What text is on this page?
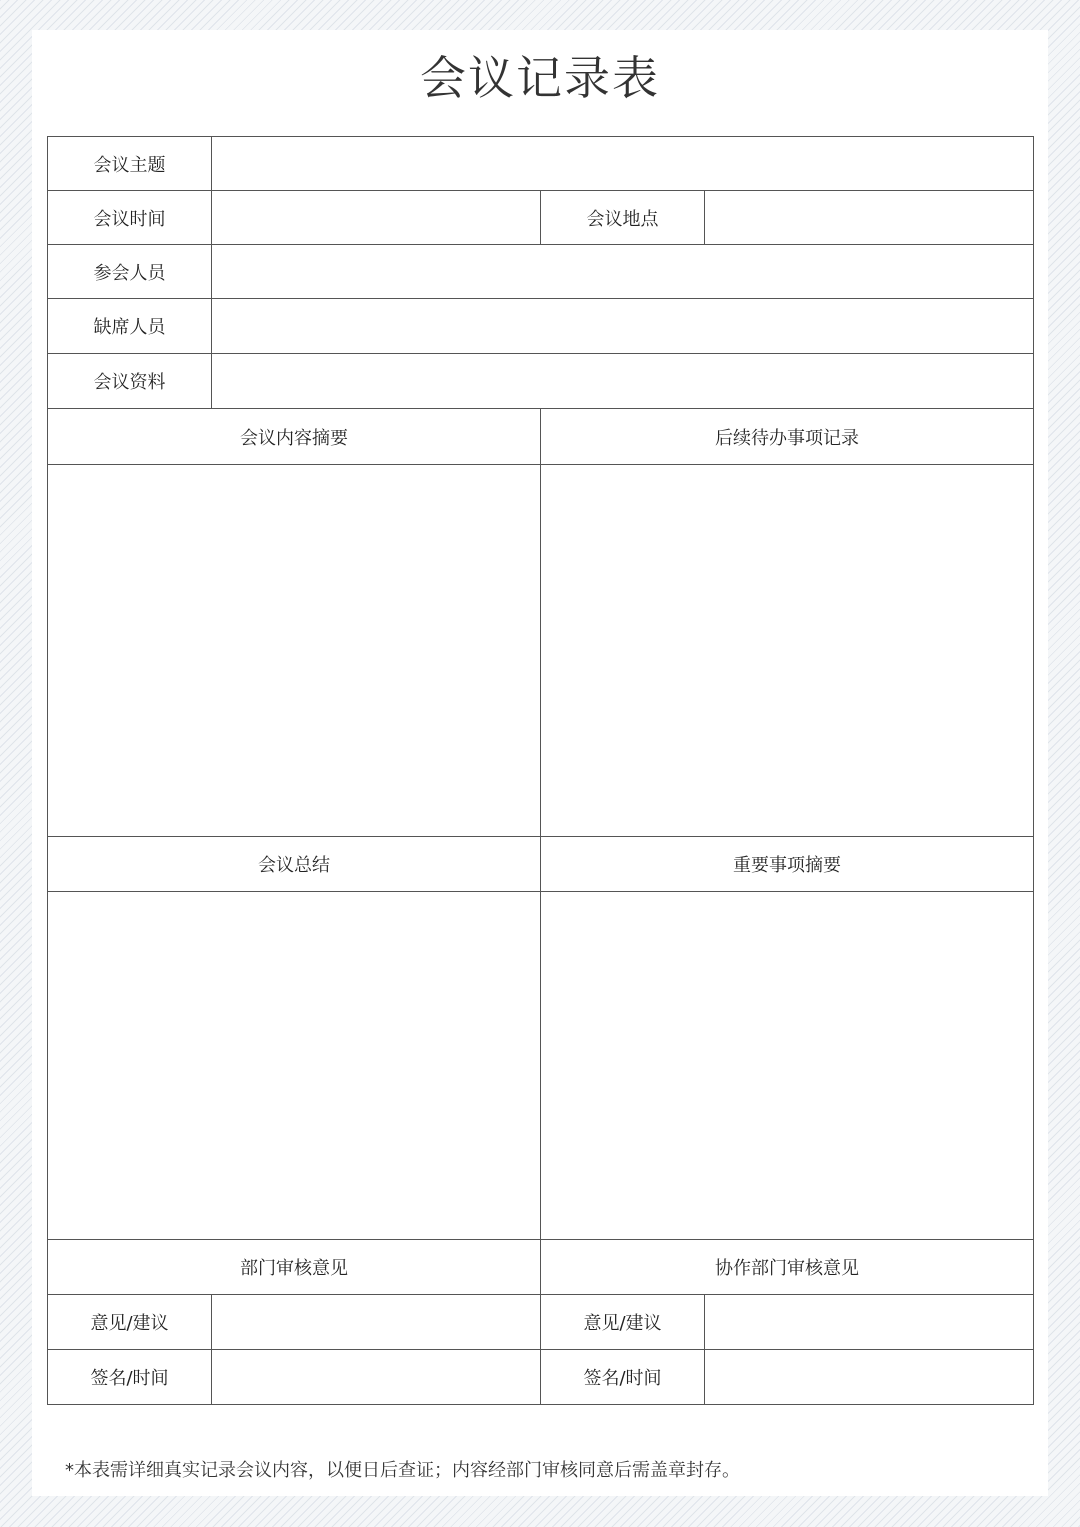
会议记录表
会议主题			
会议时间		会议地点	
参会人员			
缺席人员			
会议资料			
会议内容摘要		后续待办事项记录	

会议总结		重要事项摘要	

部门审核意见		协作部门审核意见	
意见/建议		意见/建议	
签名/时间		签名/时间	
*本表需详细真实记录会议内容，以便日后查证；内容经部门审核同意后需盖章封存。
